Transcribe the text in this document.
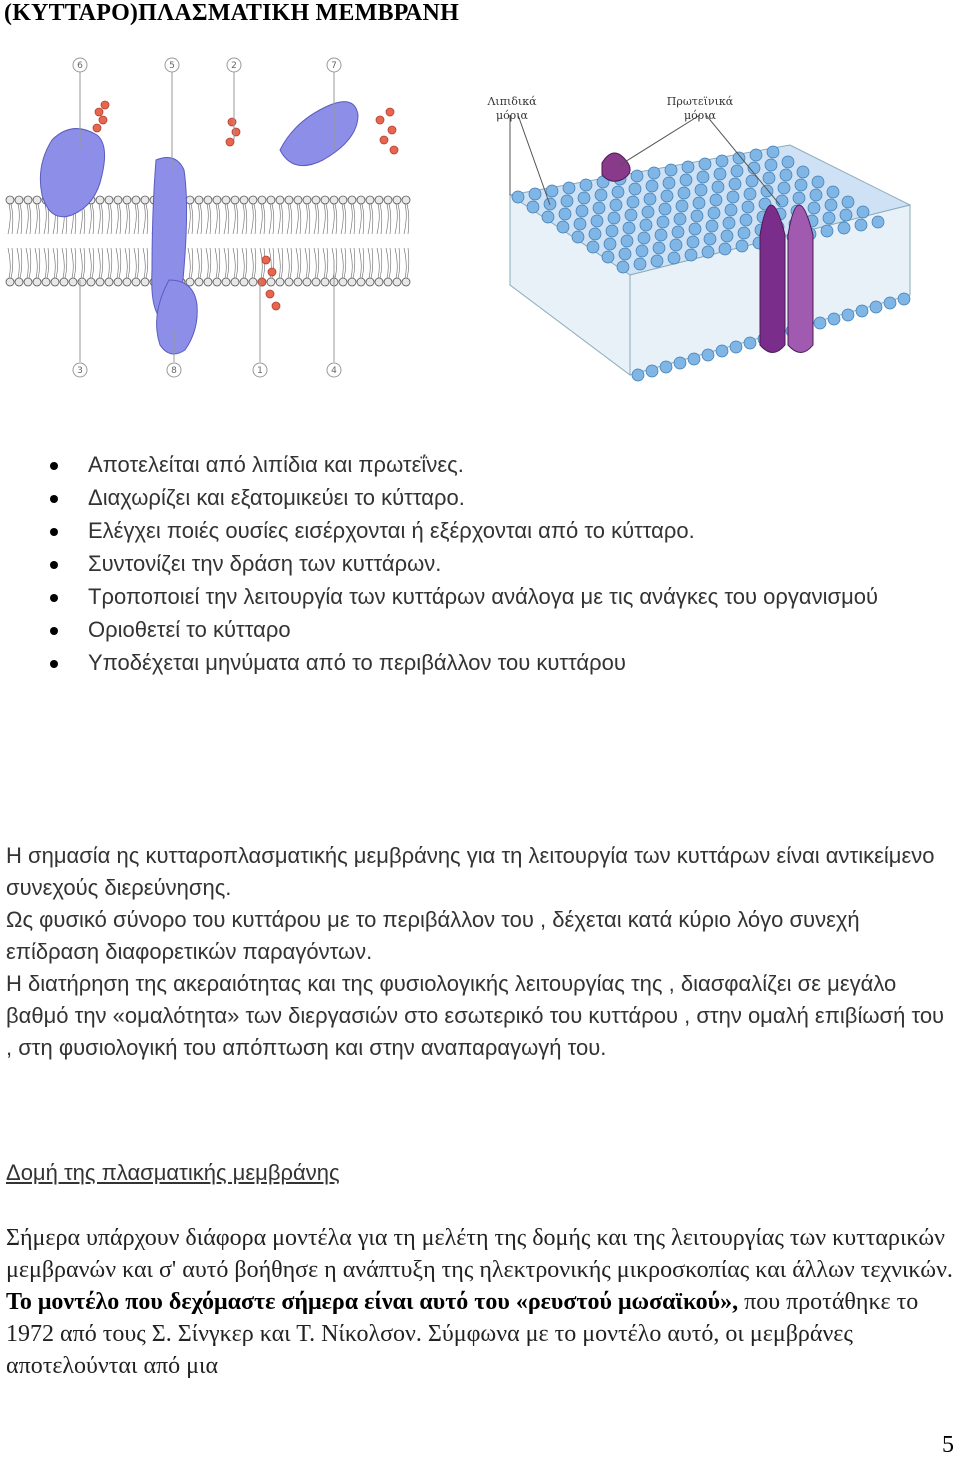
(ΚΥΤΤΑΡΟ)ΠΛΑΣΜΑΤΙΚΗ ΜΕΜΒΡΑΝΗ
6	5	2	7
3	8	1	4
Λιπιδικά
μόρια
Πρωτεϊνικά
μόρια
Αποτελείται από λιπίδια και πρωτεΐνες.
Διαχωρίζει και εξατομικεύει το κύτταρο.
Ελέγχει ποιές ουσίες εισέρχονται ή εξέρχονται από το κύτταρο.
Συντονίζει την δράση των κυττάρων.
Τροποποιεί την λειτουργία των κυττάρων ανάλογα με τις ανάγκες του οργανισμού
Οριοθετεί το κύτταρο
Υποδέχεται μηνύματα από το περιβάλλον του κυττάρου

Η σημασία ης κυτταροπλασματικής μεμβράνης για τη λειτουργία των κυττάρων είναι αντικείμενο συνεχούς διερεύνησης.

Ως φυσικό σύνορο του κυττάρου με το περιβάλλον του , δέχεται κατά κύριο λόγο συνεχή επίδραση διαφορετικών παραγόντων.

Η διατήρηση της ακεραιότητας και της φυσιολογικής λειτουργίας της , διασφαλίζει σε μεγάλο βαθμό την «ομαλότητα» των διεργασιών στο εσωτερικό του κυττάρου , στην ομαλή επιβίωσή του , στη φυσιολογική του απόπτωση και στην αναπαραγωγή του.

Δομή της πλασματικής μεμβράνης

Σήμερα υπάρχουν διάφορα μοντέλα για τη μελέτη της δομής και της λειτουργίας των κυτταρικών μεμβρανών και σ' αυτό βοήθησε η ανάπτυξη της ηλεκτρονικής μικροσκοπίας και άλλων τεχνικών. Το μοντέλο που δεχόμαστε σήμερα είναι αυτό του «ρευστού μωσαϊκού», που προτάθηκε το 1972 από τους Σ. Σίνγκερ και Τ. Νίκολσον. Σύμφωνα με το μοντέλο αυτό, οι μεμβράνες αποτελούνται από μια

5
